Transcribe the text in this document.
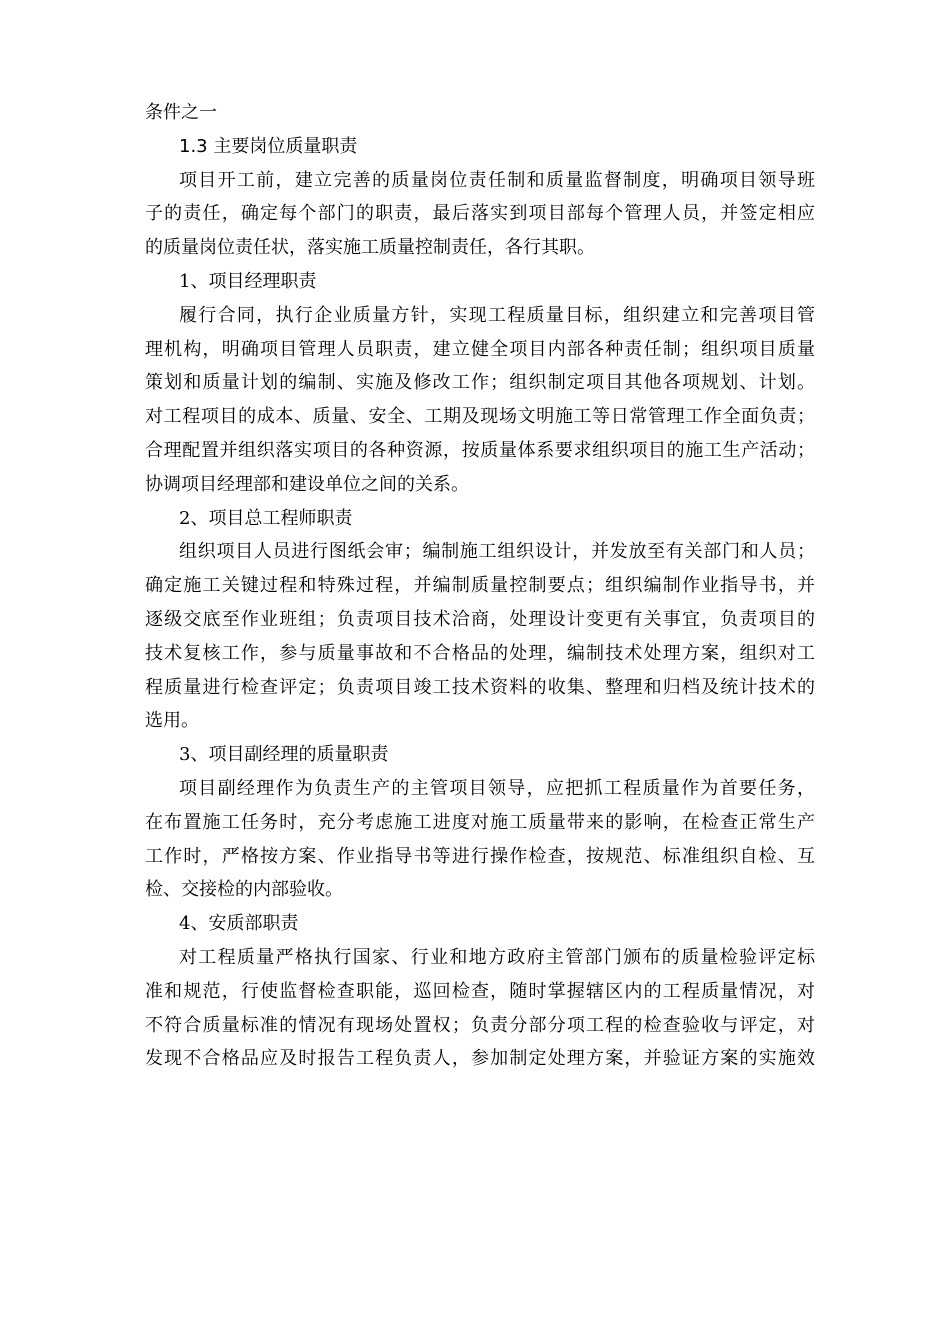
条件之一
1.3 主要岗位质量职责
项目开工前，建立完善的质量岗位责任制和质量监督制度，明确项目领导班
子的责任，确定每个部门的职责，最后落实到项目部每个管理人员，并签定相应
的质量岗位责任状，落实施工质量控制责任，各行其职。
1、项目经理职责
履行合同，执行企业质量方针，实现工程质量目标，组织建立和完善项目管
理机构，明确项目管理人员职责，建立健全项目内部各种责任制；组织项目质量
策划和质量计划的编制、实施及修改工作；组织制定项目其他各项规划、计划。
对工程项目的成本、质量、安全、工期及现场文明施工等日常管理工作全面负责；
合理配置并组织落实项目的各种资源，按质量体系要求组织项目的施工生产活动；
协调项目经理部和建设单位之间的关系。
2、项目总工程师职责
组织项目人员进行图纸会审；编制施工组织设计，并发放至有关部门和人员；
确定施工关键过程和特殊过程，并编制质量控制要点；组织编制作业指导书，并
逐级交底至作业班组；负责项目技术洽商，处理设计变更有关事宜，负责项目的
技术复核工作，参与质量事故和不合格品的处理，编制技术处理方案，组织对工
程质量进行检查评定；负责项目竣工技术资料的收集、整理和归档及统计技术的
选用。
3、项目副经理的质量职责
项目副经理作为负责生产的主管项目领导，应把抓工程质量作为首要任务，
在布置施工任务时，充分考虑施工进度对施工质量带来的影响，在检查正常生产
工作时，严格按方案、作业指导书等进行操作检查，按规范、标准组织自检、互
检、交接检的内部验收。
4、安质部职责
对工程质量严格执行国家、行业和地方政府主管部门颁布的质量检验评定标
准和规范，行使监督检查职能，巡回检查，随时掌握辖区内的工程质量情况，对
不符合质量标准的情况有现场处置权；负责分部分项工程的检查验收与评定，对
发现不合格品应及时报告工程负责人，参加制定处理方案，并验证方案的实施效
